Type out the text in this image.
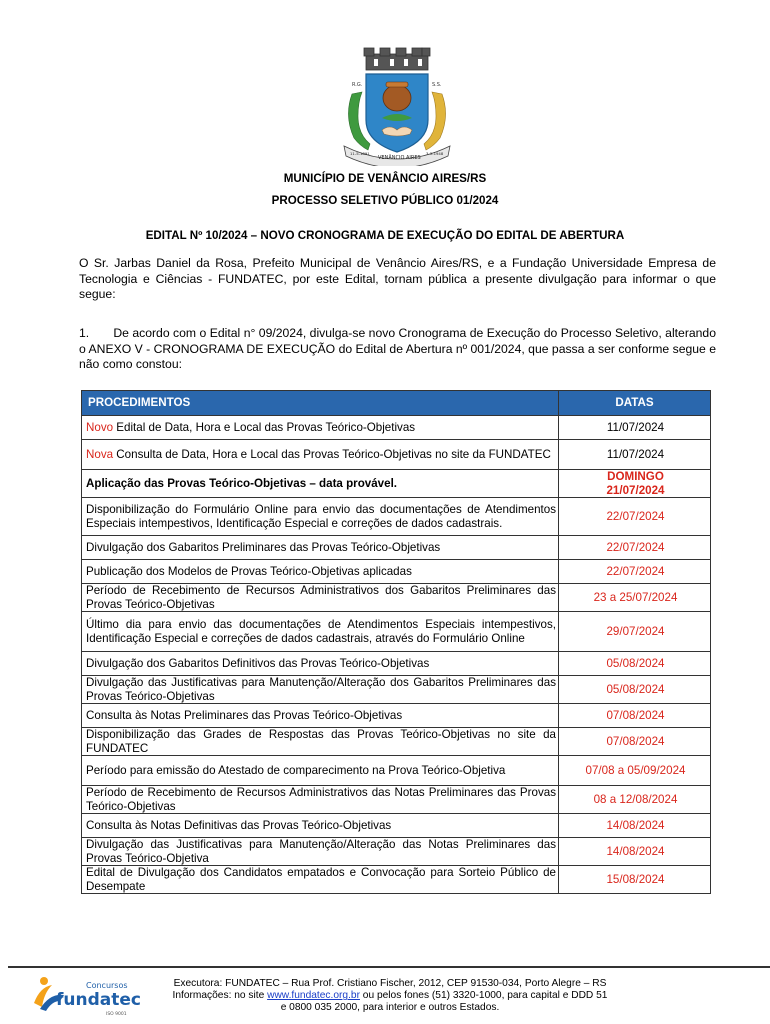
R.G.	S.S.
VENÂNCIO AIRES
11-5-1891	3-3-1948
MUNICÍPIO DE VENÂNCIO AIRES/RS
PROCESSO SELETIVO PÚBLICO 01/2024
EDITAL Nº 10/2024 – NOVO CRONOGRAMA DE EXECUÇÃO DO EDITAL DE ABERTURA
O Sr. Jarbas Daniel da Rosa, Prefeito Municipal de Venâncio Aires/RS, e a Fundação Universidade Empresa de Tecnologia e Ciências - FUNDATEC, por este Edital, tornam pública a presente divulgação para informar o que segue:
1. De acordo com o Edital n° 09/2024, divulga-se novo Cronograma de Execução do Processo Seletivo, alterando o ANEXO V - CRONOGRAMA DE EXECUÇÃO do Edital de Abertura nº 001/2024, que passa a ser conforme segue e não como constou:
PROCEDIMENTOS	DATAS
Novo Edital de Data, Hora e Local das Provas Teórico-Objetivas	11/07/2024

Nova Consulta de Data, Hora e Local das Provas Teórico-Objetivas no site da FUNDATEC	11/07/2024

Aplicação das Provas Teórico-Objetivas – data provável.	DOMINGO
21/07/2024

Disponibilização do Formulário Online para envio das documentações de Atendimentos Especiais intempestivos, Identificação Especial e correções de dados cadastrais.	22/07/2024

Divulgação dos Gabaritos Preliminares das Provas Teórico-Objetivas	22/07/2024

Publicação dos Modelos de Provas Teórico-Objetivas aplicadas	22/07/2024

Período de Recebimento de Recursos Administrativos dos Gabaritos Preliminares das Provas Teórico-Objetivas	23 a 25/07/2024

Último dia para envio das documentações de Atendimentos Especiais intempestivos, Identificação Especial e correções de dados cadastrais, através do Formulário Online	29/07/2024

Divulgação dos Gabaritos Definitivos das Provas Teórico-Objetivas	05/08/2024

Divulgação das Justificativas para Manutenção/Alteração dos Gabaritos Preliminares das Provas Teórico-Objetivas	05/08/2024

Consulta às Notas Preliminares das Provas Teórico-Objetivas	07/08/2024

Disponibilização das Grades de Respostas das Provas Teórico-Objetivas no site da FUNDATEC	07/08/2024

Período para emissão do Atestado de comparecimento na Prova Teórico-Objetiva	07/08 a 05/09/2024

Período de Recebimento de Recursos Administrativos das Notas Preliminares das Provas Teórico-Objetivas	08 a 12/08/2024

Consulta às Notas Definitivas das Provas Teórico-Objetivas	14/08/2024

Divulgação das Justificativas para Manutenção/Alteração das Notas Preliminares das Provas Teórico-Objetiva	14/08/2024

Edital de Divulgação dos Candidatos empatados e Convocação para Sorteio Público de Desempate	15/08/2024
Concursos
fundatec
ISO 9001
Executora: FUNDATEC – Rua Prof. Cristiano Fischer, 2012, CEP 91530-034, Porto Alegre – RS
Informações: no site www.fundatec.org.br ou pelos fones (51) 3320-1000, para capital e DDD 51
e 0800 035 2000, para interior e outros Estados.
